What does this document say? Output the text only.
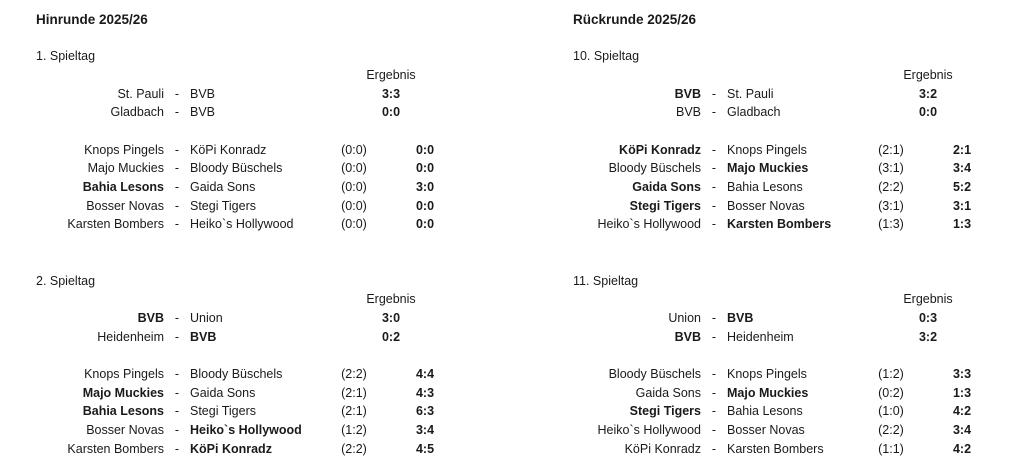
Hinrunde 2025/26
1. Spieltag
Ergebnis
St. Pauli - BVB	3:3
Gladbach - BVB	0:0
Knops Pingels - KöPi Konradz	(0:0)	0:0
Majo Muckies - Bloody Büschels	(0:0)	0:0
Bahia Lesons - Gaida Sons	(0:0)	3:0
Bosser Novas - Stegi Tigers	(0:0)	0:0
Karsten Bombers - Heiko`s Hollywood	(0:0)	0:0
2. Spieltag
Ergebnis
BVB - Union	3:0
Heidenheim - BVB	0:2
Knops Pingels - Bloody Büschels	(2:2)	4:4
Majo Muckies - Gaida Sons	(2:1)	4:3
Bahia Lesons - Stegi Tigers	(2:1)	6:3
Bosser Novas - Heiko`s Hollywood	(1:2)	3:4
Karsten Bombers - KöPi Konradz	(2:2)	4:5
Rückrunde 2025/26
10. Spieltag
Ergebnis
BVB - St. Pauli	3:2
BVB - Gladbach	0:0
KöPi Konradz - Knops Pingels	(2:1)	2:1
Bloody Büschels - Majo Muckies	(3:1)	3:4
Gaida Sons - Bahia Lesons	(2:2)	5:2
Stegi Tigers - Bosser Novas	(3:1)	3:1
Heiko`s Hollywood - Karsten Bombers	(1:3)	1:3
11. Spieltag
Ergebnis
Union - BVB	0:3
BVB - Heidenheim	3:2
Bloody Büschels - Knops Pingels	(1:2)	3:3
Gaida Sons - Majo Muckies	(0:2)	1:3
Stegi Tigers - Bahia Lesons	(1:0)	4:2
Heiko`s Hollywood - Bosser Novas	(2:2)	3:4
KöPi Konradz - Karsten Bombers	(1:1)	4:2
